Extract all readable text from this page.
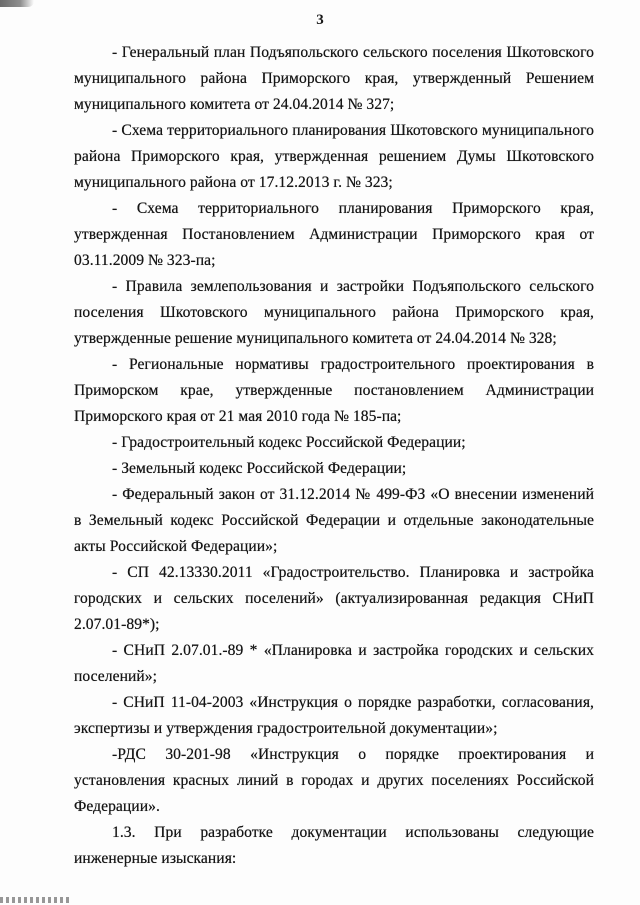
3

- Генеральный план Подъяпольского сельского поселения Шкотовского муниципального района Приморского края, утвержденный Решением муниципального комитета от 24.04.2014 № 327;

- Схема территориального планирования Шкотовского муниципального района Приморского края, утвержденная решением Думы Шкотовского муниципального района от 17.12.2013 г. № 323;

- Схема территориального планирования Приморского края, утвержденная Постановлением Администрации Приморского края от 03.11.2009 № 323-па;

- Правила землепользования и застройки Подъяпольского сельского поселения Шкотовского муниципального района Приморского края, утвержденные решение муниципального комитета от 24.04.2014 № 328;

- Региональные нормативы градостроительного проектирования в Приморском крае, утвержденные постановлением Администрации Приморского края от 21 мая 2010 года № 185-па;

- Градостроительный кодекс Российской Федерации;

- Земельный кодекс Российской Федерации;

- Федеральный закон от 31.12.2014 № 499-ФЗ «О внесении изменений в Земельный кодекс Российской Федерации и отдельные законодательные акты Российской Федерации»;

- СП 42.13330.2011 «Градостроительство. Планировка и застройка городских и сельских поселений» (актуализированная редакция СНиП 2.07.01-89*);

- СНиП 2.07.01.-89 * «Планировка и застройка городских и сельских поселений»;

- СНиП 11-04-2003 «Инструкция о порядке разработки, согласования, экспертизы и утверждения градостроительной документации»;

-РДС 30-201-98 «Инструкция о порядке проектирования и установления красных линий в городах и других поселениях Российской Федерации».

1.3. При разработке документации использованы следующие инженерные изыскания:
